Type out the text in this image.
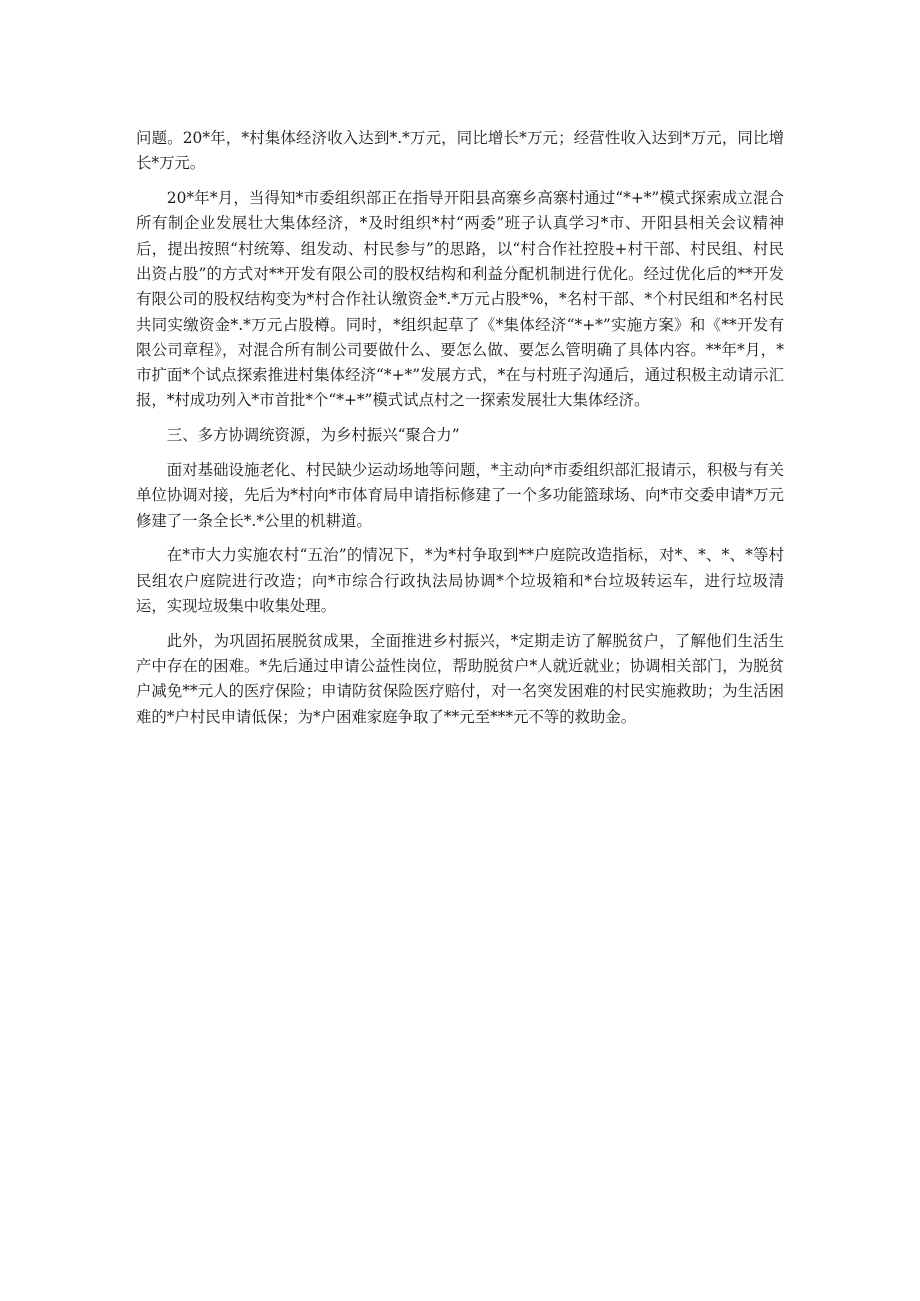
问题。20*年，*村集体经济收入达到*.*万元，同比增长*万元；经营性收入达到*万元，同比增长*万元。

20*年*月，当得知*市委组织部正在指导开阳县高寨乡高寨村通过“*+*”模式探索成立混合所有制企业发展壮大集体经济，*及时组织*村“两委”班子认真学习*市、开阳县相关会议精神后，提出按照“村统筹、组发动、村民参与”的思路，以“村合作社控股+村干部、村民组、村民出资占股”的方式对**开发有限公司的股权结构和利益分配机制进行优化。经过优化后的**开发有限公司的股权结构变为*村合作社认缴资金*.*万元占股*%，*名村干部、*个村民组和*名村民共同实缴资金*.*万元占股樽。同时，*组织起草了《*集体经济“*+*”实施方案》和《**开发有限公司章程》，对混合所有制公司要做什么、要怎么做、要怎么管明确了具体内容。**年*月，*市扩面*个试点探索推进村集体经济“*+*”发展方式，*在与村班子沟通后，通过积极主动请示汇报，*村成功列入*市首批*个“*+*”模式试点村之一探索发展壮大集体经济。

三、多方协调统资源，为乡村振兴“聚合力”

面对基础设施老化、村民缺少运动场地等问题，*主动向*市委组织部汇报请示，积极与有关单位协调对接，先后为*村向*市体育局申请指标修建了一个多功能篮球场、向*市交委申请*万元修建了一条全长*.*公里的机耕道。

在*市大力实施农村“五治”的情况下，*为*村争取到**户庭院改造指标，对*、*、*、*等村民组农户庭院进行改造；向*市综合行政执法局协调*个垃圾箱和*台垃圾转运车，进行垃圾清运，实现垃圾集中收集处理。

此外，为巩固拓展脱贫成果，全面推进乡村振兴，*定期走访了解脱贫户，了解他们生活生产中存在的困难。*先后通过申请公益性岗位，帮助脱贫户*人就近就业；协调相关部门，为脱贫户减免**元人的医疗保险；申请防贫保险医疗赔付，对一名突发困难的村民实施救助；为生活困难的*户村民申请低保；为*户困难家庭争取了**元至***元不等的救助金。
